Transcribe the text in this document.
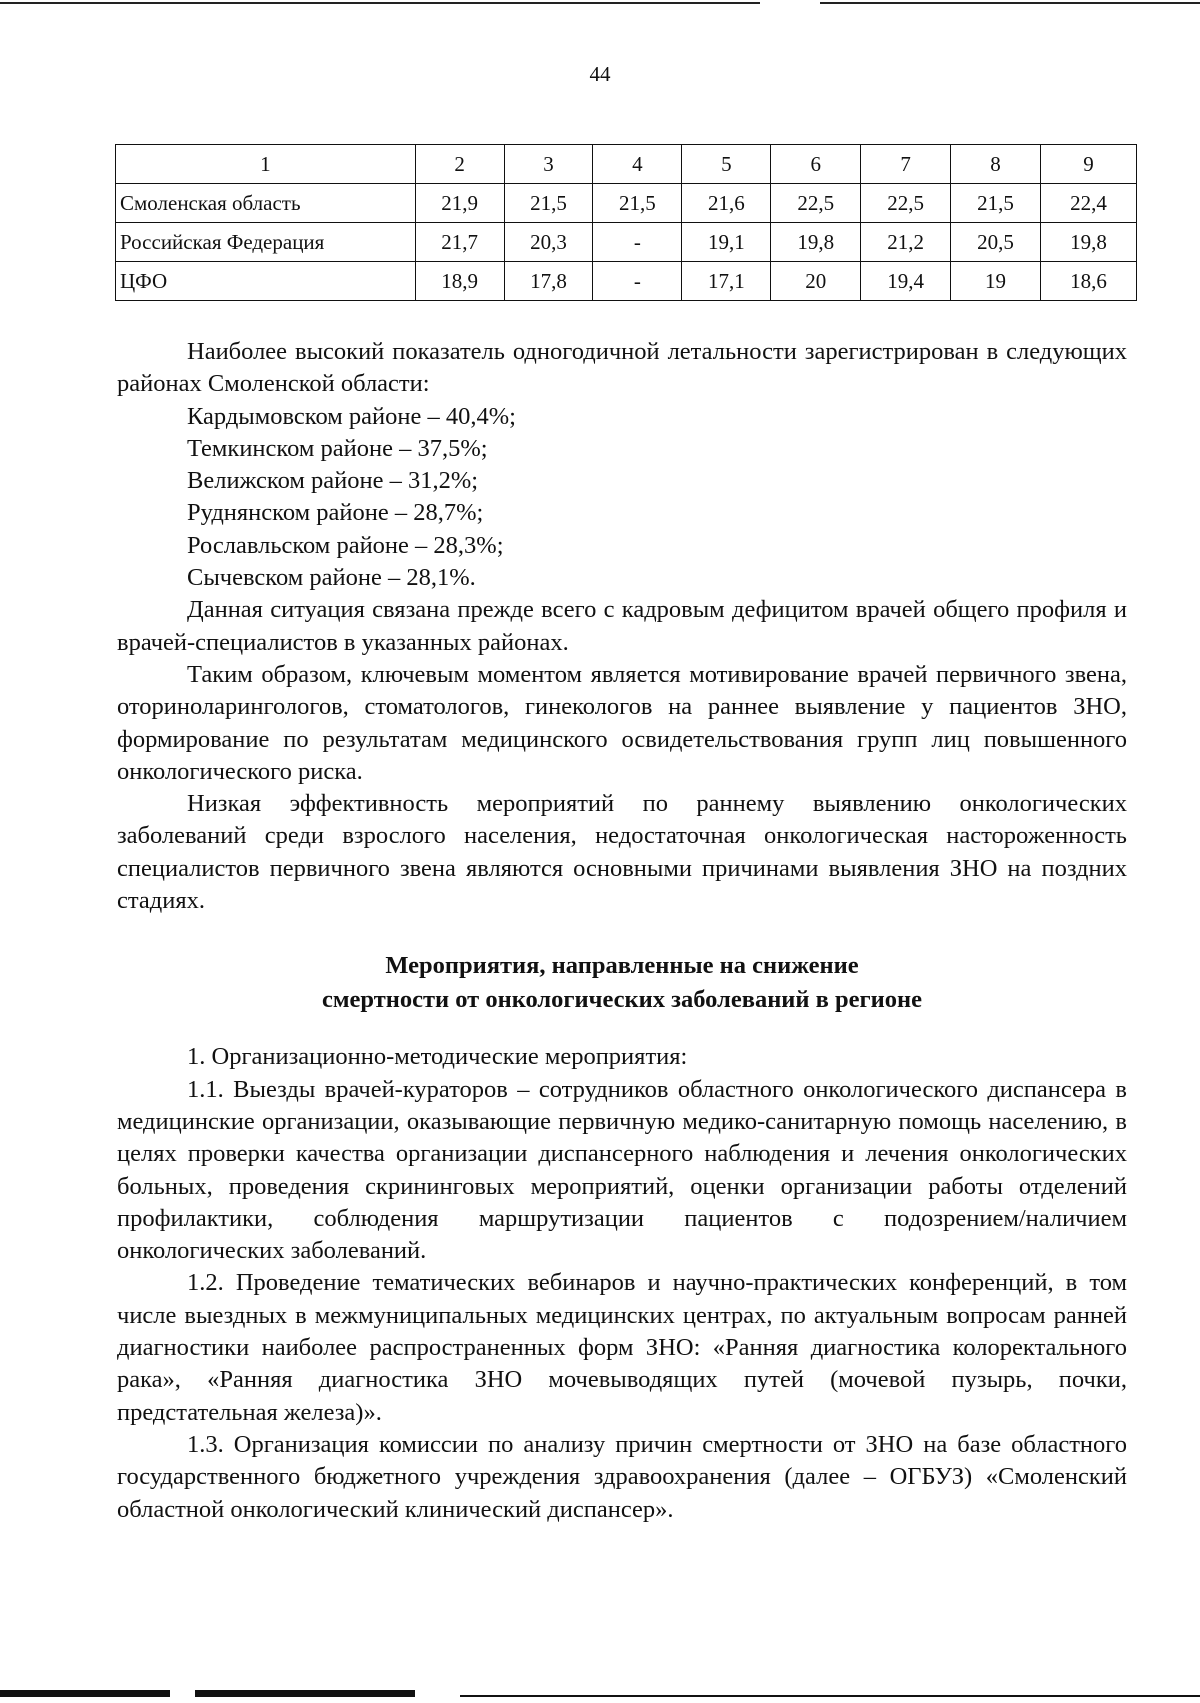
44
1	2	3	4	5	6	7	8	9
Смоленская область	21,9	21,5	21,5	21,6	22,5	22,5	21,5	22,4
Российская Федерация	21,7	20,3	-	19,1	19,8	21,2	20,5	19,8
ЦФО	18,9	17,8	-	17,1	20	19,4	19	18,6

Наиболее высокий показатель одногодичной летальности зарегистрирован в следующих районах Смоленской области:

Кардымовском районе – 40,4%;

Темкинском районе – 37,5%;

Велижском районе – 31,2%;

Руднянском районе – 28,7%;

Рославльском районе – 28,3%;

Сычевском районе – 28,1%.

Данная ситуация связана прежде всего с кадровым дефицитом врачей общего профиля и врачей-специалистов в указанных районах.

Таким образом, ключевым моментом является мотивирование врачей первичного звена, оториноларингологов, стоматологов, гинекологов на раннее выявление у пациентов ЗНО, формирование по результатам медицинского освидетельствования групп лиц повышенного онкологического риска.

Низкая эффективность мероприятий по раннему выявлению онкологических заболеваний среди взрослого населения, недостаточная онкологическая настороженность специалистов первичного звена являются основными причинами выявления ЗНО на поздних стадиях.

Мероприятия, направленные на снижение

смертности от онкологических заболеваний в регионе

1. Организационно-методические мероприятия:

1.1. Выезды врачей-кураторов – сотрудников областного онкологического диспансера в медицинские организации, оказывающие первичную медико-санитарную помощь населению, в целях проверки качества организации диспансерного наблюдения и лечения онкологических больных, проведения скрининговых мероприятий, оценки организации работы отделений профилактики, соблюдения маршрутизации пациентов с подозрением/наличием онкологических заболеваний.

1.2. Проведение тематических вебинаров и научно-практических конференций, в том числе выездных в межмуниципальных медицинских центрах, по актуальным вопросам ранней диагностики наиболее распространенных форм ЗНО: «Ранняя диагностика колоректального рака», «Ранняя диагностика ЗНО мочевыводящих путей (мочевой пузырь, почки, предстательная железа)».

1.3. Организация комиссии по анализу причин смертности от ЗНО на базе областного государственного бюджетного учреждения здравоохранения (далее – ОГБУЗ) «Смоленский областной онкологический клинический диспансер».
